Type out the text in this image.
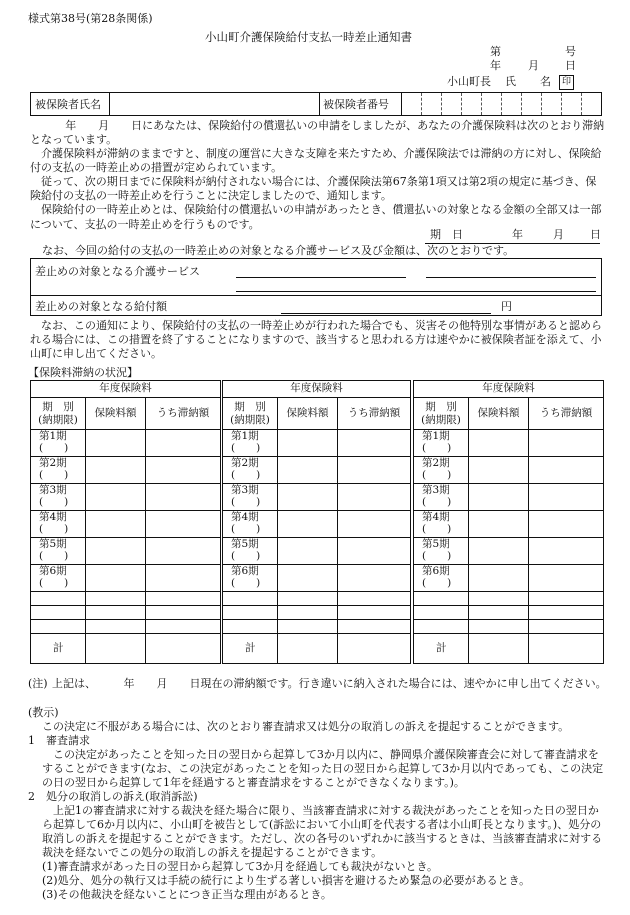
様式第38号(第28条関係)
小山町介護保険給付支払一時差止通知書
第	号
年 月 日
小山町長 氏 名	印
被保険者氏名	被保険者番号

年　　月　　日にあなたは、保険給付の償還払いの申請をしましたが、あなたの介護保険料は次のとおり滞納となっています。

介護保険料が滞納のままですと、制度の運営に大きな支障を来たすため、介護保険法では滞納の方に対し、保険給付の支払の一時差止めの措置が定められています。

従って、次の期日までに保険料が納付されない場合には、介護保険法第67条第1項又は第2項の規定に基づき、保険給付の支払の一時差止めを行うことに決定しましたので、通知します。

保険給付の一時差止めとは、保険給付の償還払いの申請があったとき、償還払いの対象となる金額の全部又は一部について、支払の一時差止めを行うものです。

期　日	年	月 日
なお、今回の給付の支払の一時差止めの対象となる介護サービス及び金額は、次のとおりです。
差止めの対象となる介護サービス
差止めの対象となる給付額	円

なお、この通知により、保険給付の支払の一時差止めが行われた場合でも、災害その他特別な事情があると認められる場合には、この措置を終了することになりますので、該当すると思われる方は速やかに被保険者証を添えて、小山町に申し出てください。

【保険料滞納の状況】
年度保険料		
期　別
(納期限)	保険料額	うち滞納額
第1期
(　　)		

第2期
(　　)		

第3期
(　　)		

第4期
(　　)		

第5期
(　　)		

第6期
(　　)		

計		
年度保険料		
期　別
(納期限)	保険料額	うち滞納額
第1期
(　　)		

第2期
(　　)		

第3期
(　　)		

第4期
(　　)		

第5期
(　　)		

第6期
(　　)		

計		
年度保険料		
期　別
(納期限)	保険料額	うち滞納額
第1期
(　　)		

第2期
(　　)		

第3期
(　　)		

第4期
(　　)		

第5期
(　　)		

第6期
(　　)		

計		
(注) 上記は、　　　年　　月　　日現在の滞納額です。行き違いに納入された場合には、速やかに申し出てください。

(教示)
この決定に不服がある場合には、次のとおり審査請求又は処分の取消しの訴えを提起することができます。
1　審査請求

この決定があったことを知った日の翌日から起算して3か月以内に、静岡県介護保険審査会に対して審査請求をすることができます(なお、この決定があったことを知った日の翌日から起算して3か月以内であっても、この決定の日の翌日から起算して1年を経過すると審査請求をすることができなくなります。)。

2　処分の取消しの訴え(取消訴訟)

上記1の審査請求に対する裁決を経た場合に限り、当該審査請求に対する裁決があったことを知った日の翌日から起算して6か月以内に、小山町を被告として(訴訟において小山町を代表する者は小山町長となります。)、処分の取消しの訴えを提起することができます。ただし、次の各号のいずれかに該当するときは、当該審査請求に対する裁決を経ないでこの処分の取消しの訴えを提起することができます。

(1)審査請求があった日の翌日から起算して3か月を経過しても裁決がないとき。

(2)処分、処分の執行又は手続の続行により生ずる著しい損害を避けるため緊急の必要があるとき。

(3)その他裁決を経ないことにつき正当な理由があるとき。
